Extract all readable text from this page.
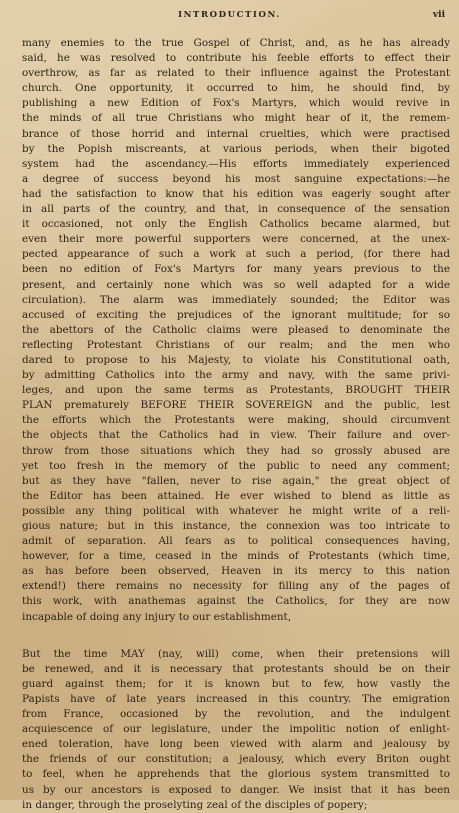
INTRODUCTION.	vii
many enemies to the true Gospel of Christ, and, as he has already
said, he was resolved to contribute his feeble efforts to effect their
overthrow, as far as related to their influence against the Protestant
church. One opportunity, it occurred to him, he should find, by
publishing a new Edition of Fox's Martyrs, which would revive in
the minds of all true Christians who might hear of it, the remem-
brance of those horrid and internal cruelties, which were practised
by the Popish miscreants, at various periods, when their bigoted
system had the ascendancy.—His efforts immediately experienced
a degree of success beyond his most sanguine expectations:—he
had the satisfaction to know that his edition was eagerly sought after
in all parts of the country, and that, in consequence of the sensation
it occasioned, not only the English Catholics became alarmed, but
even their more powerful supporters were concerned, at the unex-
pected appearance of such a work at such a period, (for there had
been no edition of Fox's Martyrs for many years previous to the
present, and certainly none which was so well adapted for a wide
circulation). The alarm was immediately sounded; the Editor was
accused of exciting the prejudices of the ignorant multitude; for so
the abettors of the Catholic claims were pleased to denominate the
reflecting Protestant Christians of our realm; and the men who
dared to propose to his Majesty, to violate his Constitutional oath,
by admitting Catholics into the army and navy, with the same privi-
leges, and upon the same terms as Protestants, BROUGHT THEIR
PLAN prematurely BEFORE THEIR SOVEREIGN and the public, lest
the efforts which the Protestants were making, should circumvent
the objects that the Catholics had in view. Their failure and over-
throw from those situations which they had so grossly abused are
yet too fresh in the memory of the public to need any comment;
but as they have "fallen, never to rise again," the great object of
the Editor has been attained. He ever wished to blend as little as
possible any thing political with whatever he might write of a reli-
gious nature; but in this instance, the connexion was too intricate to
admit of separation. All fears as to political consequences having,
however, for a time, ceased in the minds of Protestants (which time,
as has before been observed, Heaven in its mercy to this nation
extend!) there remains no necessity for filling any of the pages of
this work, with anathemas against the Catholics, for they are now
incapable of doing any injury to our establishment,
But the time MAY (nay, will) come, when their pretensions will
be renewed, and it is necessary that protestants should be on their
guard against them; for it is known but to few, how vastly the
Papists have of late years increased in this country. The emigration
from France, occasioned by the revolution, and the indulgent
acquiescence of our legislature, under the impolitic notion of enlight-
ened toleration, have long been viewed with alarm and jealousy by
the friends of our constitution; a jealousy, which every Briton ought
to feel, when he apprehends that the glorious system transmitted to
us by our ancestors is exposed to danger. We insist that it has been
in danger, through the proselyting zeal of the disciples of popery;
